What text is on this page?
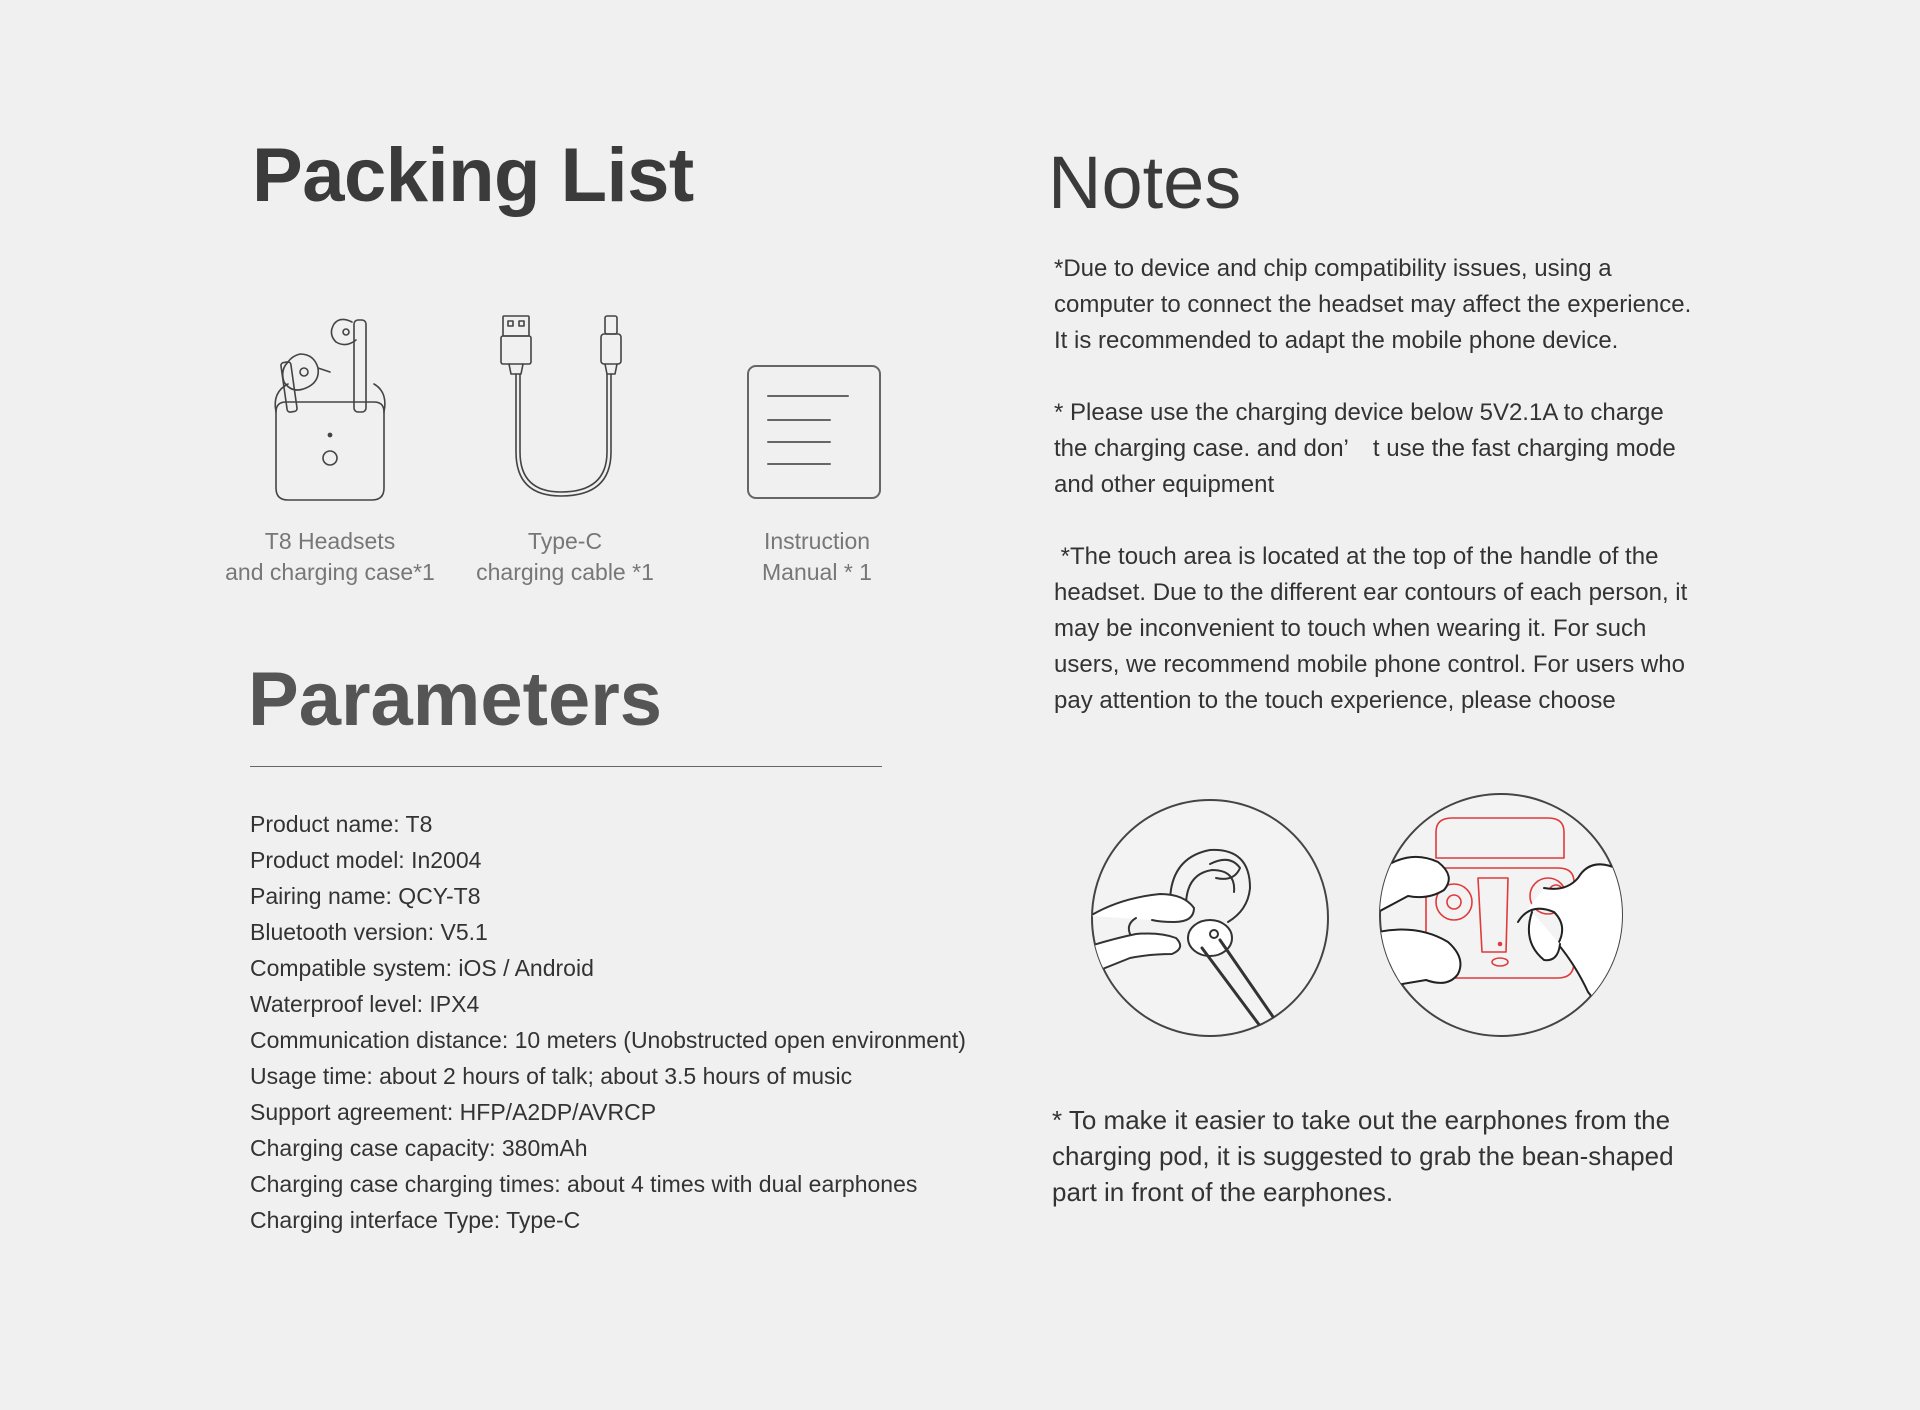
Packing List
T8 Headsets
and charging case*1
Type-C
charging cable *1
Instruction
Manual * 1
Parameters
Product name: T8
Product model: In2004
Pairing name: QCY-T8
Bluetooth version: V5.1
Compatible system: iOS / Android
Waterproof level: IPX4
Communication distance: 10 meters (Unobstructed open environment)
Usage time: about 2 hours of talk; about 3.5 hours of music
Support agreement: HFP/A2DP/AVRCP
Charging case capacity: 380mAh
Charging case charging times: about 4 times with dual earphones
Charging interface Type: Type-C
Notes

*Due to device and chip compatibility issues, using a computer to connect the headset may affect the experience. It is recommended to adapt the mobile phone device.

* Please use the charging device below 5V2.1A to charge the charging case. and don’ t use the fast charging mode and other equipment

*The touch area is located at the top of the handle of the headset. Due to the different ear contours of each person, it may be inconvenient to touch when wearing it. For such users, we recommend mobile phone control. For users who pay attention to the touch experience, please choose

* To make it easier to take out the earphones from the charging pod, it is suggested to grab the bean-shaped part in front of the earphones.
